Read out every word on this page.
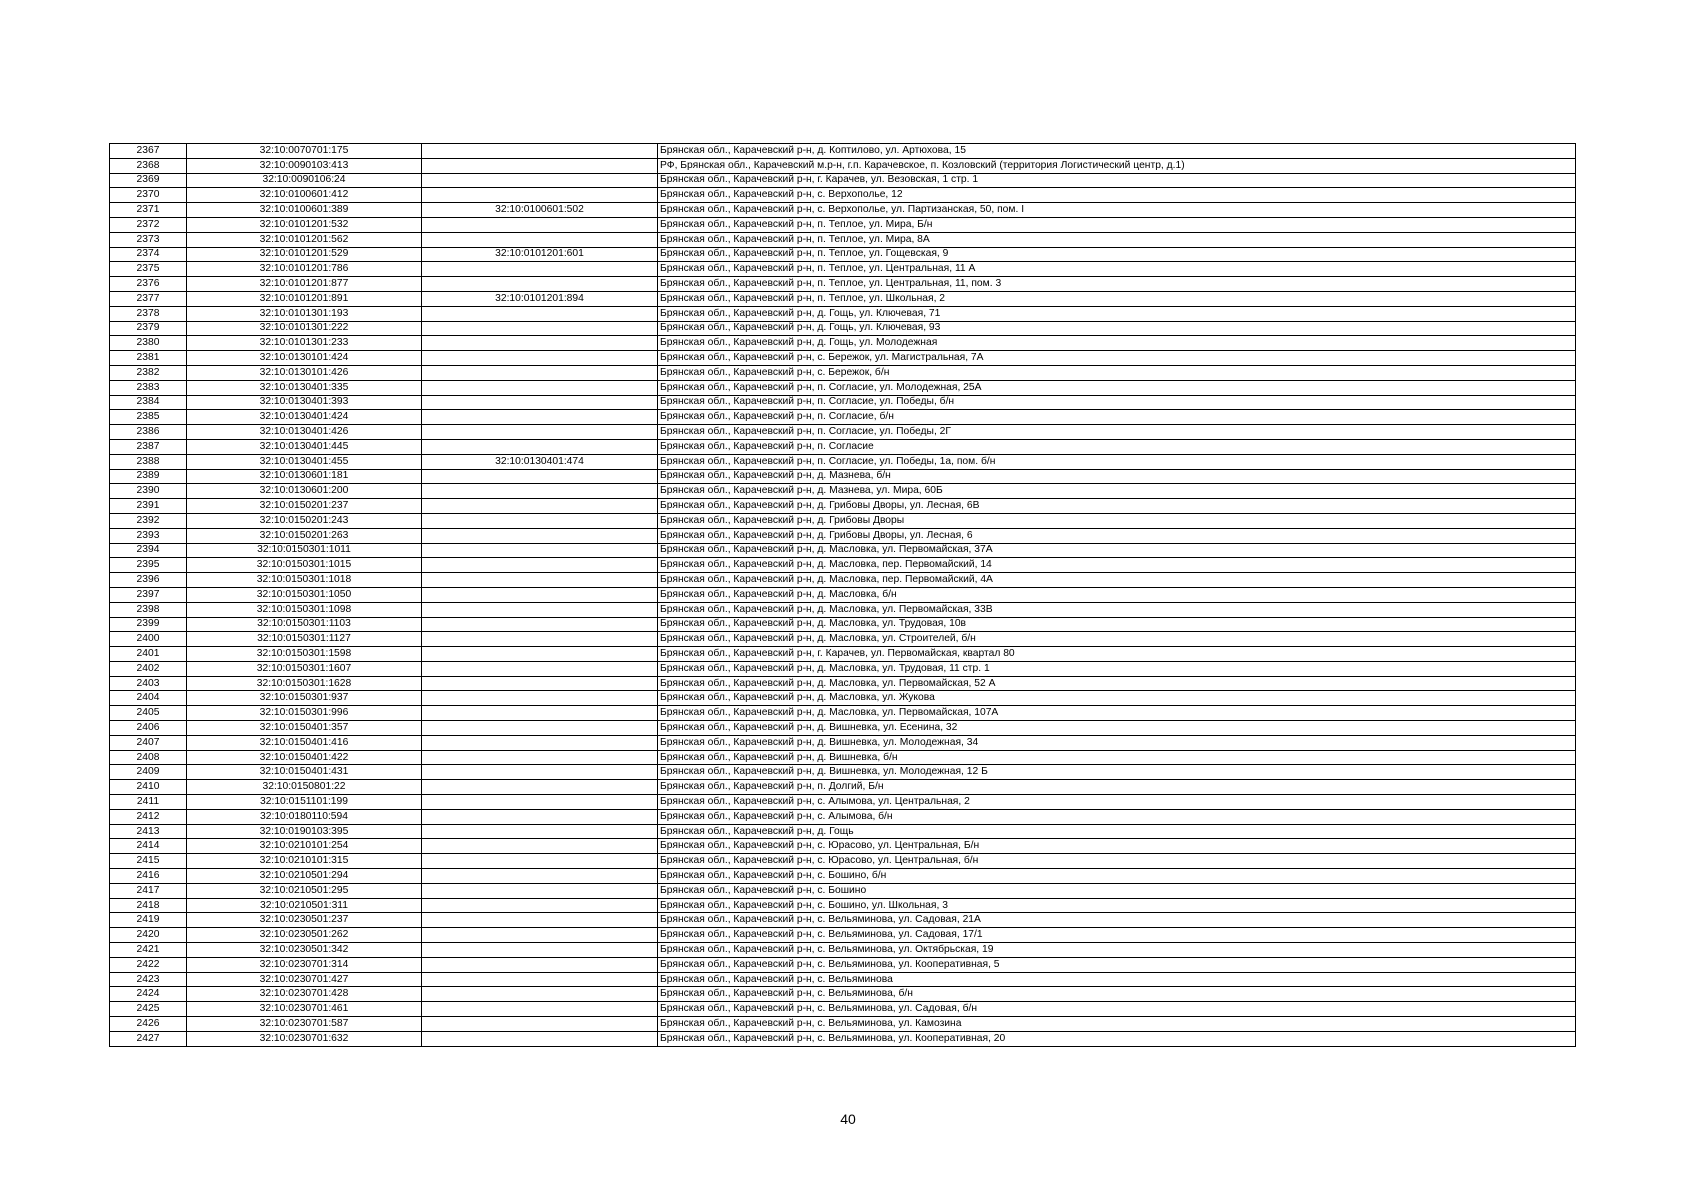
2367	32:10:0070701:175		Брянская обл., Карачевский р-н, д. Коптилово, ул. Артюхова, 15
2368	32:10:0090103:413		РФ, Брянская обл., Карачевский м.р-н, г.п. Карачевское, п. Козловский (территория Логистический центр, д.1)
2369	32:10:0090106:24		Брянская обл., Карачевский р-н, г. Карачев, ул. Везовская, 1 стр. 1
2370	32:10:0100601:412		Брянская обл., Карачевский р-н, с. Верхополье, 12
2371	32:10:0100601:389	32:10:0100601:502	Брянская обл., Карачевский р-н, с. Верхополье, ул. Партизанская, 50, пом. I
2372	32:10:0101201:532		Брянская обл., Карачевский р-н, п. Теплое, ул. Мира, Б/н
2373	32:10:0101201:562		Брянская обл., Карачевский р-н, п. Теплое, ул. Мира, 8А
2374	32:10:0101201:529	32:10:0101201:601	Брянская обл., Карачевский р-н, п. Теплое, ул. Гощевская, 9
2375	32:10:0101201:786		Брянская обл., Карачевский р-н, п. Теплое, ул. Центральная, 11 А
2376	32:10:0101201:877		Брянская обл., Карачевский р-н, п. Теплое, ул. Центральная, 11, пом. 3
2377	32:10:0101201:891	32:10:0101201:894	Брянская обл., Карачевский р-н, п. Теплое, ул. Школьная, 2
2378	32:10:0101301:193		Брянская обл., Карачевский р-н, д. Гощь, ул. Ключевая, 71
2379	32:10:0101301:222		Брянская обл., Карачевский р-н, д. Гощь, ул. Ключевая, 93
2380	32:10:0101301:233		Брянская обл., Карачевский р-н, д. Гощь, ул. Молодежная
2381	32:10:0130101:424		Брянская обл., Карачевский р-н, с. Бережок, ул. Магистральная, 7А
2382	32:10:0130101:426		Брянская обл., Карачевский р-н, с. Бережок, б/н
2383	32:10:0130401:335		Брянская обл., Карачевский р-н, п. Согласие, ул. Молодежная, 25А
2384	32:10:0130401:393		Брянская обл., Карачевский р-н, п. Согласие, ул. Победы, б/н
2385	32:10:0130401:424		Брянская обл., Карачевский р-н, п. Согласие, б/н
2386	32:10:0130401:426		Брянская обл., Карачевский р-н, п. Согласие, ул. Победы, 2Г
2387	32:10:0130401:445		Брянская обл., Карачевский р-н, п. Согласие
2388	32:10:0130401:455	32:10:0130401:474	Брянская обл., Карачевский р-н, п. Согласие, ул. Победы, 1а, пом. б/н
2389	32:10:0130601:181		Брянская обл., Карачевский р-н, д. Мазнева, б/н
2390	32:10:0130601:200		Брянская обл., Карачевский р-н, д. Мазнева, ул. Мира, 60Б
2391	32:10:0150201:237		Брянская обл., Карачевский р-н, д. Грибовы Дворы, ул. Лесная, 6В
2392	32:10:0150201:243		Брянская обл., Карачевский р-н, д. Грибовы Дворы
2393	32:10:0150201:263		Брянская обл., Карачевский р-н, д. Грибовы Дворы, ул. Лесная, 6
2394	32:10:0150301:1011		Брянская обл., Карачевский р-н, д. Масловка, ул. Первомайская, 37А
2395	32:10:0150301:1015		Брянская обл., Карачевский р-н, д. Масловка, пер. Первомайский, 14
2396	32:10:0150301:1018		Брянская обл., Карачевский р-н, д. Масловка, пер. Первомайский, 4А
2397	32:10:0150301:1050		Брянская обл., Карачевский р-н, д. Масловка, б/н
2398	32:10:0150301:1098		Брянская обл., Карачевский р-н, д. Масловка, ул. Первомайская, 33В
2399	32:10:0150301:1103		Брянская обл., Карачевский р-н, д. Масловка, ул. Трудовая, 10в
2400	32:10:0150301:1127		Брянская обл., Карачевский р-н, д. Масловка, ул. Строителей, б/н
2401	32:10:0150301:1598		Брянская обл., Карачевский р-н, г. Карачев, ул. Первомайская, квартал 80
2402	32:10:0150301:1607		Брянская обл., Карачевский р-н, д. Масловка, ул. Трудовая, 11 стр. 1
2403	32:10:0150301:1628		Брянская обл., Карачевский р-н, д. Масловка, ул. Первомайская, 52 А
2404	32:10:0150301:937		Брянская обл., Карачевский р-н, д. Масловка, ул. Жукова
2405	32:10:0150301:996		Брянская обл., Карачевский р-н, д. Масловка, ул. Первомайская, 107А
2406	32:10:0150401:357		Брянская обл., Карачевский р-н, д. Вишневка, ул. Есенина, 32
2407	32:10:0150401:416		Брянская обл., Карачевский р-н, д. Вишневка, ул. Молодежная, 34
2408	32:10:0150401:422		Брянская обл., Карачевский р-н, д. Вишневка, б/н
2409	32:10:0150401:431		Брянская обл., Карачевский р-н, д. Вишневка, ул. Молодежная, 12 Б
2410	32:10:0150801:22		Брянская обл., Карачевский р-н, п. Долгий, Б/н
2411	32:10:0151101:199		Брянская обл., Карачевский р-н, с. Алымова, ул. Центральная, 2
2412	32:10:0180110:594		Брянская обл., Карачевский р-н, с. Алымова, б/н
2413	32:10:0190103:395		Брянская обл., Карачевский р-н, д. Гощь
2414	32:10:0210101:254		Брянская обл., Карачевский р-н, с. Юрасово, ул. Центральная, Б/н
2415	32:10:0210101:315		Брянская обл., Карачевский р-н, с. Юрасово, ул. Центральная, б/н
2416	32:10:0210501:294		Брянская обл., Карачевский р-н, с. Бошино, б/н
2417	32:10:0210501:295		Брянская обл., Карачевский р-н, с. Бошино
2418	32:10:0210501:311		Брянская обл., Карачевский р-н, с. Бошино, ул. Школьная, 3
2419	32:10:0230501:237		Брянская обл., Карачевский р-н, с. Вельяминова, ул. Садовая, 21А
2420	32:10:0230501:262		Брянская обл., Карачевский р-н, с. Вельяминова, ул. Садовая, 17/1
2421	32:10:0230501:342		Брянская обл., Карачевский р-н, с. Вельяминова, ул. Октябрьская, 19
2422	32:10:0230701:314		Брянская обл., Карачевский р-н, с. Вельяминова, ул. Кооперативная, 5
2423	32:10:0230701:427		Брянская обл., Карачевский р-н, с. Вельяминова
2424	32:10:0230701:428		Брянская обл., Карачевский р-н, с. Вельяминова, б/н
2425	32:10:0230701:461		Брянская обл., Карачевский р-н, с. Вельяминова, ул. Садовая, б/н
2426	32:10:0230701:587		Брянская обл., Карачевский р-н, с. Вельяминова, ул. Камозина
2427	32:10:0230701:632		Брянская обл., Карачевский р-н, с. Вельяминова, ул. Кооперативная, 20
40
